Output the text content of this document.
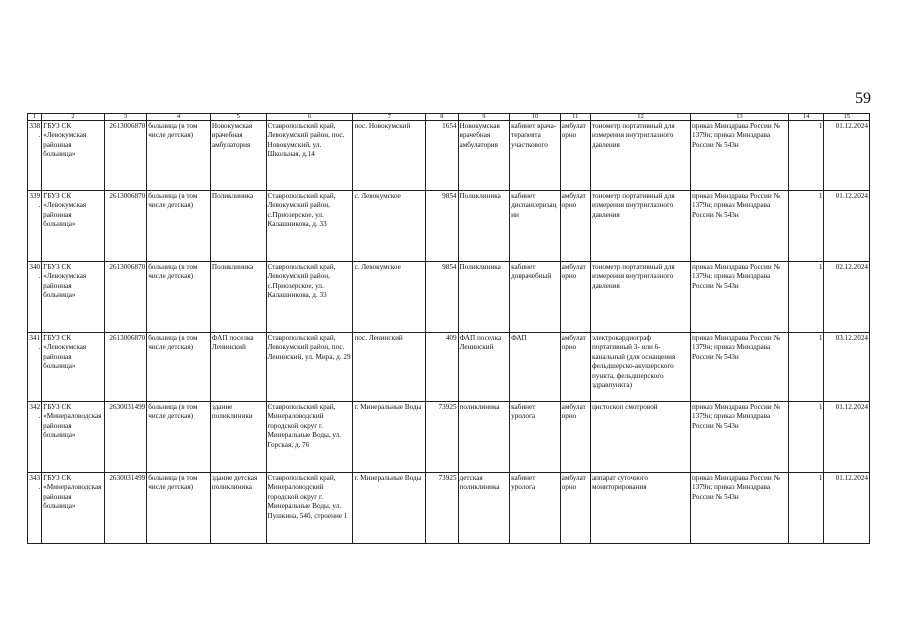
59
1	2	3	4	5	6	7	8	9	10	11	12	13	14	15
338.	ГБУЗ СК «Левокумская районная больница»	2613006870	больница (в том числе детская)	Новокумская врачебная амбулатория	Ставропольский край, Левокумский район, пос. Новокумский, ул. Школьная, д.14	пос. Новокумский	1654	Новокумская врачебная амбулатория	кабинет врача-терапевта участкового	амбулаторно	тонометр портативный для измерения внутриглазного давления	приказ Минздрава России № 1379н; приказ Минздрава России № 543н	1	01.12.2024
339.	ГБУЗ СК «Левокумская районная больница»	2613006870	больница (в том числе детская)	Поликлиника	Ставропольский край, Левокумский район, с.Приозерское, ул. Калашникова, д. 33	с. Левокумское	9854	Поликлиника	кабинет диспансеризации	амбулаторно	тонометр портативный для измерения внутриглазного давления	приказ Минздрава России № 1379н; приказ Минздрава России № 543н	1	01.12.2024
340.	ГБУЗ СК «Левокумская районная больница»	2613006870	больница (в том числе детская)	Поликлиника	Ставропольский край, Левокумский район, с.Приозерское, ул. Калашникова, д. 33	с. Левокумское	9854	Поликлиника	кабинет доврачебный	амбулаторно	тонометр портативный для измерения внутриглазного давления	приказ Минздрава России № 1379н; приказ Минздрава России № 543н	1	02.12.2024
341.	ГБУЗ СК «Левокумская районная больница»	2613006870	больница (в том числе детская)	ФАП поселка Ленинский	Ставропольский край, Левокумский район, пос. Ленинский, ул. Мира, д. 29	пос. Ленинский	409	ФАП поселка Ленинский	ФАП	амбулаторно	электрокардиограф портативный 3- или 6-канальный (для оснащения фельдшерско-акушерского пункта, фельдшерского здравпункта)	приказ Минздрава России № 1379н; приказ Минздрава России № 543н	1	03.12.2024
342.	ГБУЗ СК «Минераловодская районная больница»	2630031499	больница (в том числе детская)	здание поликлиники	Ставропольский край, Минераловодский городской округ г. Минеральные Воды, ул. Горская, д. 76	г. Минеральные Воды	73925	поликлиника	кабинет уролога	амбулаторно	цистоскоп смотровой	приказ Минздрава России № 1379н; приказ Минздрава России № 543н	1	01.12.2024
343.	ГБУЗ СК «Минераловодская районная больница»	2630031499	больница (в том числе детская)	здание детская поликлиника	Ставропольский край, Минераловодский городской округ г. Минеральные Воды, ул. Пушкина, 54б, строение 1	г. Минеральные Воды	73925	детская поликлиника	кабинет уролога	амбулаторно	аппарат суточного мониторирования	приказ Минздрава России № 1379н; приказ Минздрава России № 543н	1	01.12.2024
